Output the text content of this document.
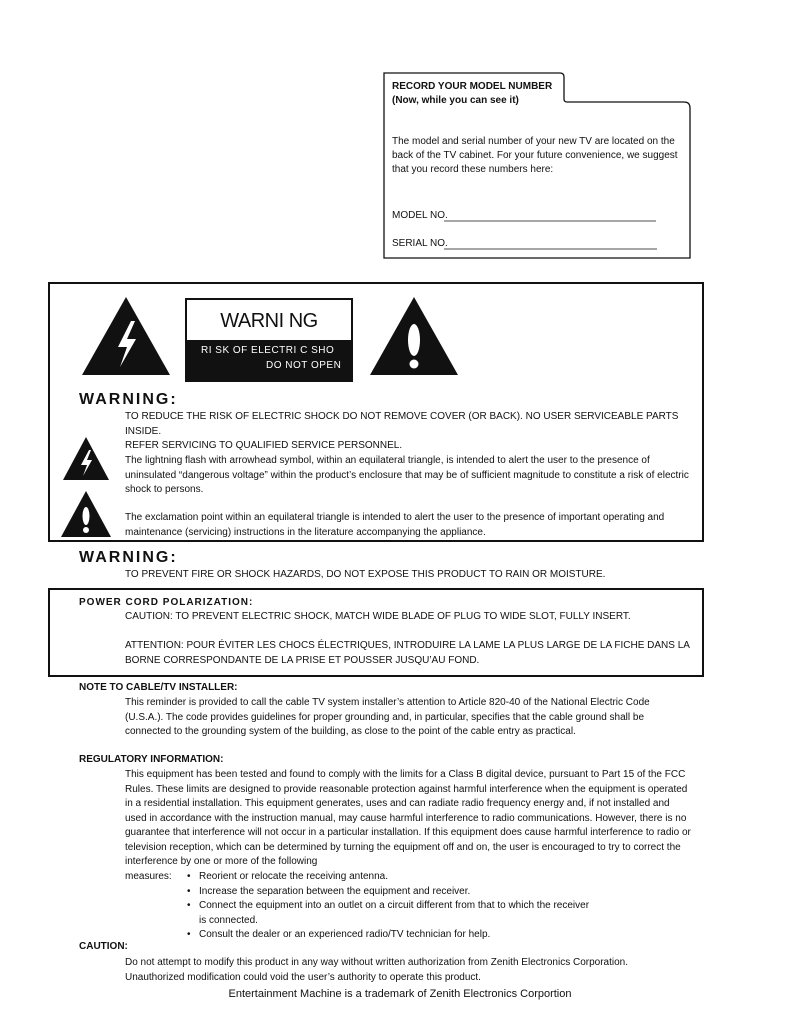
RECORD YOUR MODEL NUMBER
(Now, while you can see it)
The model and serial number of your new TV are located on the back of the TV cabinet. For your future convenience, we suggest that you record these numbers here:
MODEL NO.
SERIAL NO.
WARNI NG
RI SK OF ELECTRI C SHO
DO NOT OPEN
WARNING:
TO REDUCE THE RISK OF ELECTRIC SHOCK DO NOT REMOVE COVER (OR BACK). NO USER SERVICEABLE PARTS INSIDE.
REFER SERVICING TO QUALIFIED SERVICE PERSONNEL.
The lightning flash with arrowhead symbol, within an equilateral triangle, is intended to alert the user to the presence of uninsulated “dangerous voltage” within the product’s enclosure that may be of sufficient magnitude to constitute a risk of electric shock to persons.
The exclamation point within an equilateral triangle is intended to alert the user to the presence of important operating and maintenance (servicing) instructions in the literature accompanying the appliance.
WARNING:
TO PREVENT FIRE OR SHOCK HAZARDS, DO NOT EXPOSE THIS PRODUCT TO RAIN OR MOISTURE.
POWER CORD POLARIZATION:
CAUTION: TO PREVENT ELECTRIC SHOCK, MATCH WIDE BLADE OF PLUG TO WIDE SLOT, FULLY INSERT.
ATTENTION: POUR ÉVITER LES CHOCS ÉLECTRIQUES, INTRODUIRE LA LAME LA PLUS LARGE DE LA FICHE DANS LA BORNE CORRESPONDANTE DE LA PRISE ET POUSSER JUSQU’AU FOND.
NOTE TO CABLE/TV INSTALLER:
This reminder is provided to call the cable TV system installer’s attention to Article 820-40 of the National Electric Code (U.S.A.). The code provides guidelines for proper grounding and, in particular, specifies that the cable ground shall be connected to the grounding system of the building, as close to the point of the cable entry as practical.
REGULATORY INFORMATION:
This equipment has been tested and found to comply with the limits for a Class B digital device, pursuant to Part 15 of the FCC Rules. These limits are designed to provide reasonable protection against harmful interference when the equipment is operated in a residential installation. This equipment generates, uses and can radiate radio frequency energy and, if not installed and used in accordance with the instruction manual, may cause harmful interference to radio communications. However, there is no guarantee that interference will not occur in a particular installation. If this equipment does cause harmful interference to radio or television reception, which can be determined by turning the equipment off and on, the user is encouraged to try to correct the interference by one or more of the following
measures:
•	Reorient or relocate the receiving antenna.
• Increase the separation between the equipment and receiver.
• Connect the equipment into an outlet on a circuit different from that to which the receiver is connected.
• Consult the dealer or an experienced radio/TV technician for help.
CAUTION:
Do not attempt to modify this product in any way without written authorization from Zenith Electronics Corporation. Unauthorized modification could void the user’s authority to operate this product.
Entertainment Machine is a trademark of Zenith Electronics Corportion
